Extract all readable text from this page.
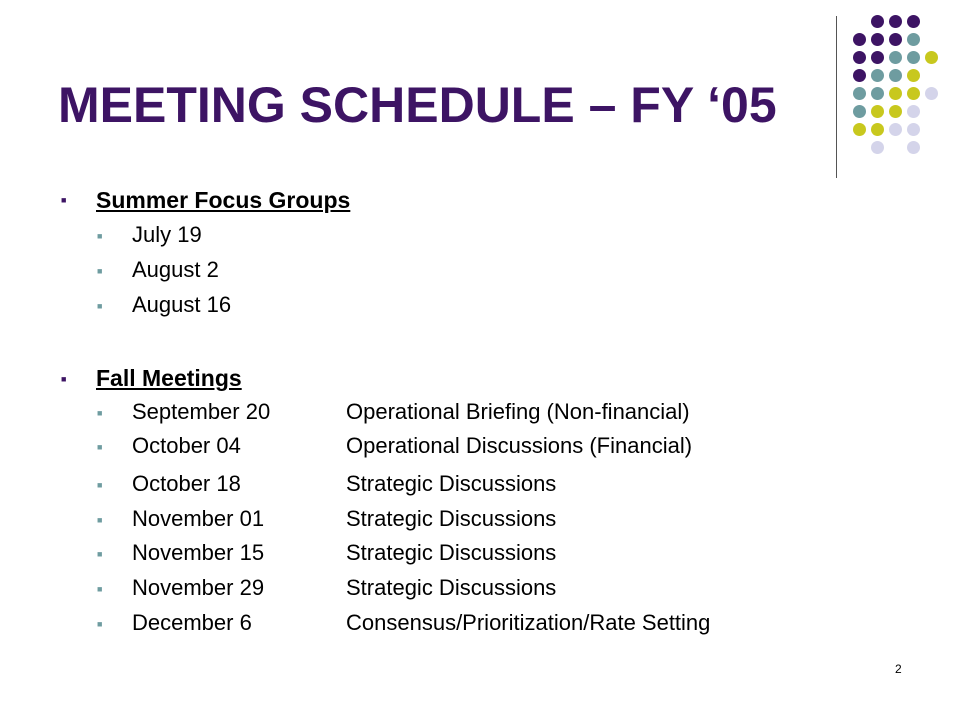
MEETING SCHEDULE – FY ‘05
■ Summer Focus Groups
■ July 19
■ August 2
■ August 16
■ Fall Meetings
■ September 20	Operational Briefing (Non-financial)
■ October 04	Operational Discussions (Financial)
■ October 18	Strategic Discussions
■ November 01	Strategic Discussions
■ November 15	Strategic Discussions
■ November 29	Strategic Discussions
■ December 6	Consensus/Prioritization/Rate Setting
2
